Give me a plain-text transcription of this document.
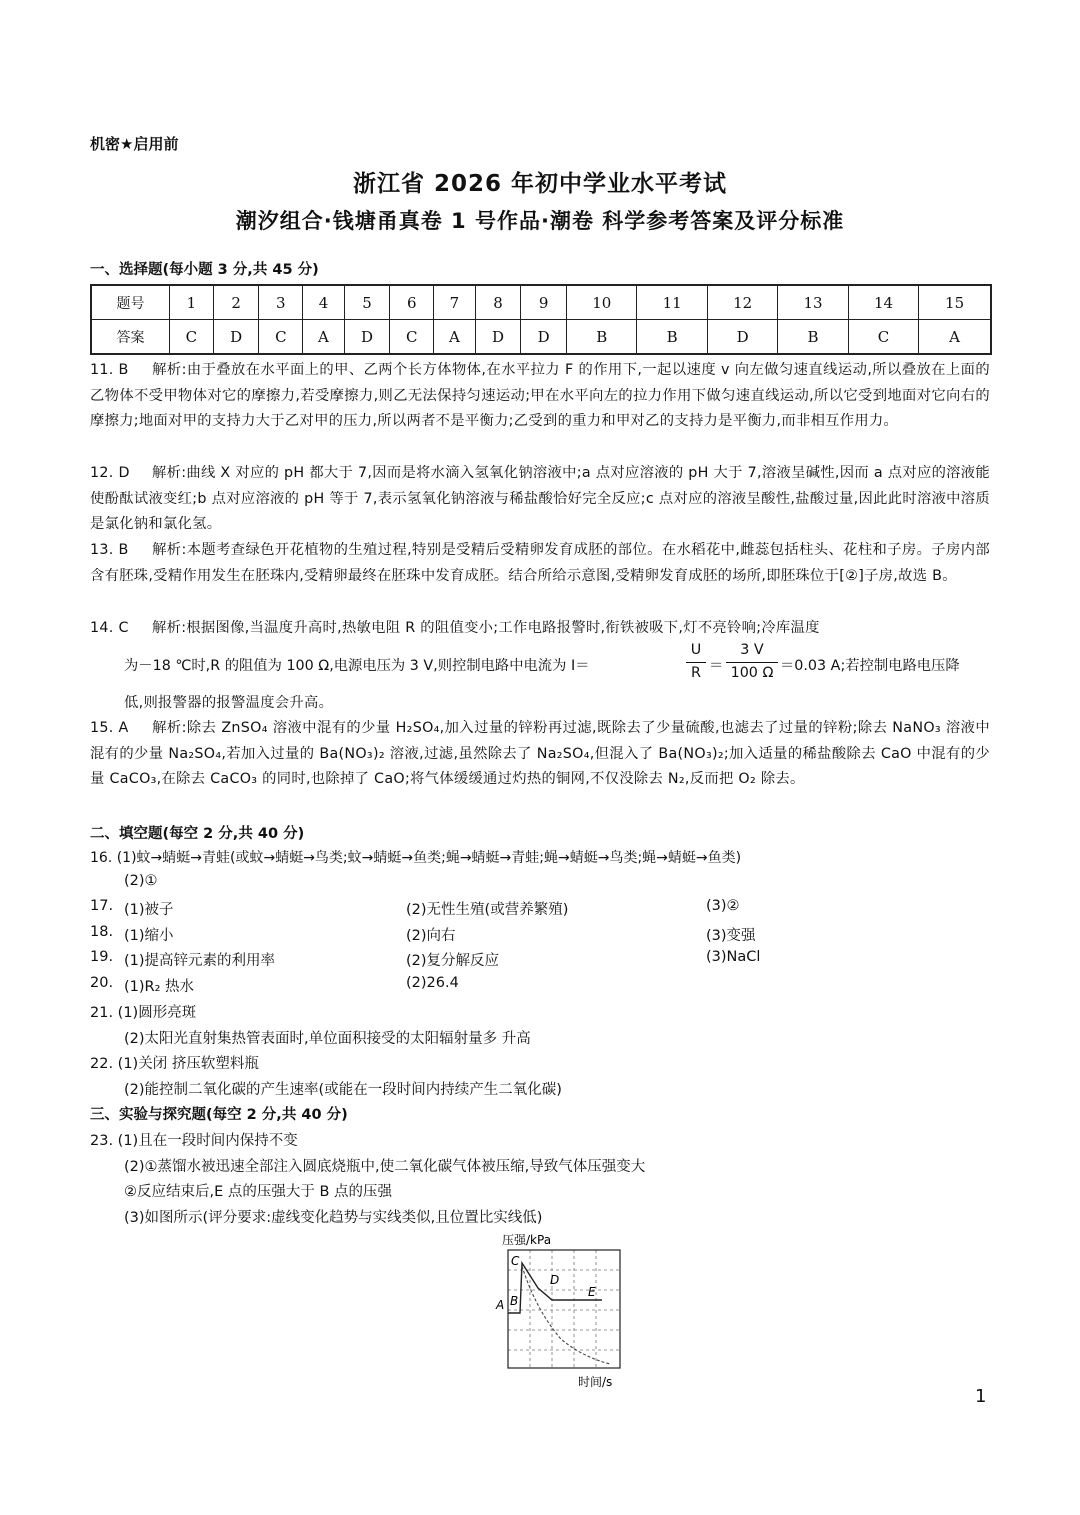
机密★启用前
浙江省 2026 年初中学业水平考试
潮汐组合·钱塘甬真卷 1 号作品·潮卷 科学参考答案及评分标准
一、选择题(每小题 3 分,共 45 分)
题号	1	2	3	4	5	6	7	8	9	10	11	12	13	14	15
答案	C	D	C	A	D	C	A	D	D	B	B	D	B	C	A
11. B 解析:由于叠放在水平面上的甲、乙两个长方体物体,在水平拉力 F 的作用下,一起以速度 v 向左做匀速直线运动,所以叠放在上面的乙物体不受甲物体对它的摩擦力,若受摩擦力,则乙无法保持匀速运动;甲在水平向左的拉力作用下做匀速直线运动,所以它受到地面对它向右的摩擦力;地面对甲的支持力大于乙对甲的压力,所以两者不是平衡力;乙受到的重力和甲对乙的支持力是平衡力,而非相互作用力。
12. D 解析:曲线 X 对应的 pH 都大于 7,因而是将水滴入氢氧化钠溶液中;a 点对应溶液的 pH 大于 7,溶液呈碱性,因而 a 点对应的溶液能使酚酞试液变红;b 点对应溶液的 pH 等于 7,表示氢氧化钠溶液与稀盐酸恰好完全反应;c 点对应的溶液呈酸性,盐酸过量,因此此时溶液中溶质是氯化钠和氯化氢。
13. B 解析:本题考查绿色开花植物的生殖过程,特别是受精后受精卵发育成胚的部位。在水稻花中,雌蕊包括柱头、花柱和子房。子房内部含有胚珠,受精作用发生在胚珠内,受精卵最终在胚珠中发育成胚。结合所给示意图,受精卵发育成胚的场所,即胚珠位于[②]子房,故选 B。
14. C 解析:根据图像,当温度升高时,热敏电阻 R 的阻值变小;工作电路报警时,衔铁被吸下,灯不亮铃响;冷库温度
为－18 ℃时,R 的阻值为 100 Ω,电源电压为 3 V,则控制电路中电流为 I＝
U
R ＝
3 V
100 Ω ＝0.03 A;若控制电路电压降
低,则报警器的报警温度会升高。
15. A 解析:除去 ZnSO₄ 溶液中混有的少量 H₂SO₄,加入过量的锌粉再过滤,既除去了少量硫酸,也滤去了过量的锌粉;除去 NaNO₃ 溶液中混有的少量 Na₂SO₄,若加入过量的 Ba(NO₃)₂ 溶液,过滤,虽然除去了 Na₂SO₄,但混入了 Ba(NO₃)₂;加入适量的稀盐酸除去 CaO 中混有的少量 CaCO₃,在除去 CaCO₃ 的同时,也除掉了 CaO;将气体缓缓通过灼热的铜网,不仅没除去 N₂,反而把 O₂ 除去。
二、填空题(每空 2 分,共 40 分)
16. (1)蚊→蜻蜓→青蛙(或蚊→蜻蜓→鸟类;蚊→蜻蜓→鱼类;蝇→蜻蜓→青蛙;蝇→蜻蜓→鸟类;蝇→蜻蜓→鱼类)
(2)①
17. (1)被子	(2)无性生殖(或营养繁殖)	(3)②
18. (1)缩小	(2)向右	(3)变强
19. (1)提高锌元素的利用率	(2)复分解反应	(3)NaCl
20. (1)R₂ 热水	(2)26.4
21. (1)圆形亮斑
(2)太阳光直射集热管表面时,单位面积接受的太阳辐射量多 升高
22. (1)关闭 挤压软塑料瓶
(2)能控制二氧化碳的产生速率(或能在一段时间内持续产生二氧化碳)
三、实验与探究题(每空 2 分,共 40 分)
23. (1)且在一段时间内保持不变
(2)①蒸馏水被迅速全部注入圆底烧瓶中,使二氧化碳气体被压缩,导致气体压强变大
②反应结束后,E 点的压强大于 B 点的压强
(3)如图所示(评分要求:虚线变化趋势与实线类似,且位置比实线低)
压强/kPa
时间/s
A B
C
D
E
1
